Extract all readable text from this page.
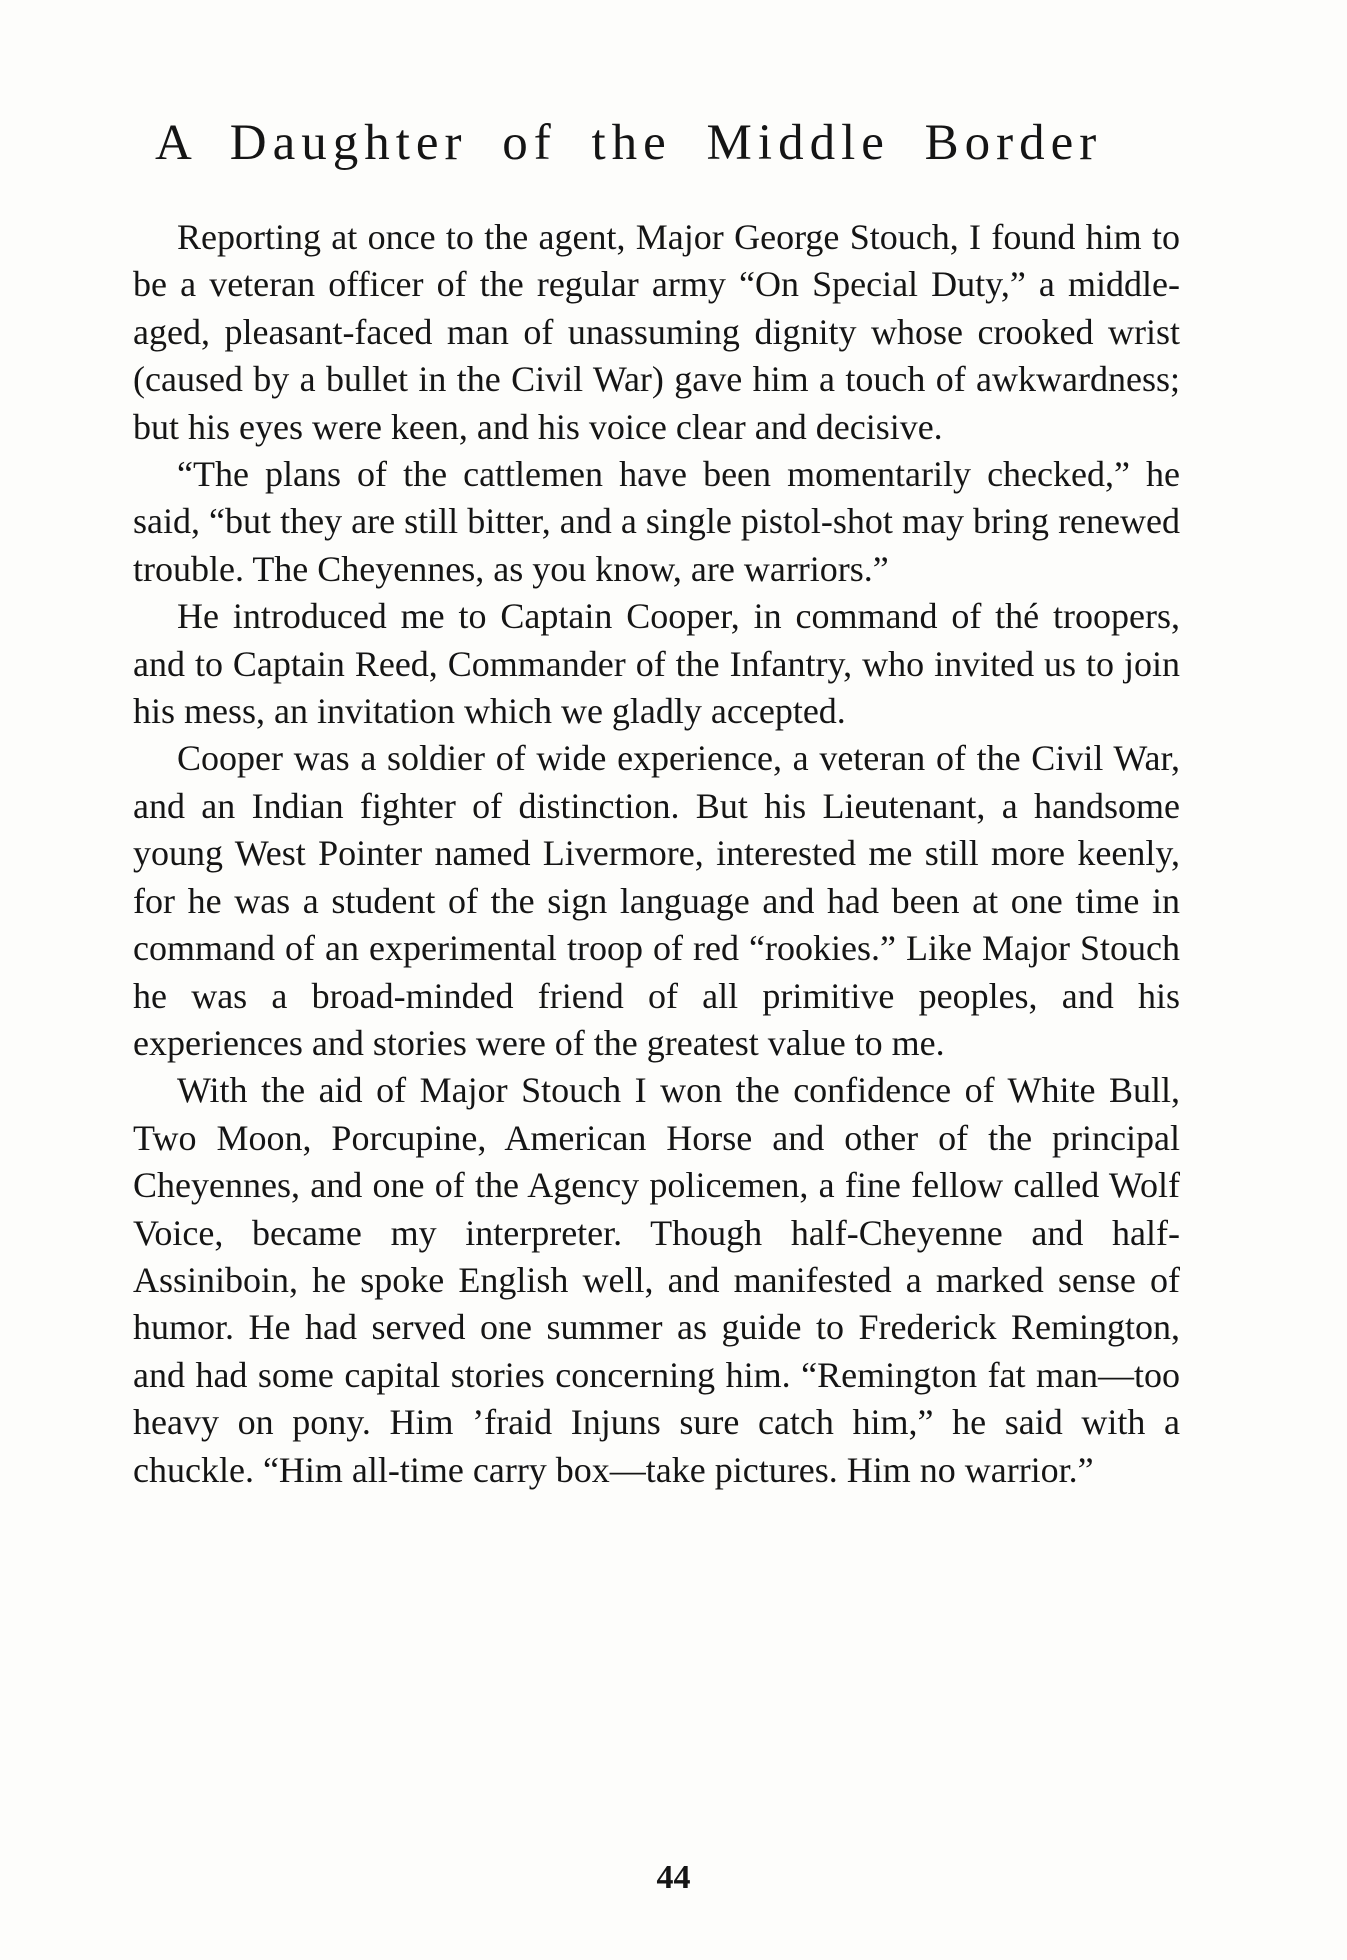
A Daughter of the Middle Border

Reporting at once to the agent, Major George Stouch, I found him to be a veteran officer of the regular army “On Special Duty,” a middle-aged, pleasant-faced man of unassuming dignity whose crooked wrist (caused by a bullet in the Civil War) gave him a touch of awkwardness; but his eyes were keen, and his voice clear and decisive.

“The plans of the cattlemen have been momentarily checked,” he said, “but they are still bitter, and a single pistol-shot may bring renewed trouble. The Cheyennes, as you know, are warriors.”

He introduced me to Captain Cooper, in command of thé troopers, and to Captain Reed, Commander of the Infantry, who invited us to join his mess, an invitation which we gladly accepted.

Cooper was a soldier of wide experience, a veteran of the Civil War, and an Indian fighter of distinction. But his Lieutenant, a handsome young West Pointer named Livermore, interested me still more keenly, for he was a student of the sign language and had been at one time in command of an experimental troop of red “rookies.” Like Major Stouch he was a broad-minded friend of all primitive peoples, and his experiences and stories were of the greatest value to me.

With the aid of Major Stouch I won the confidence of White Bull, Two Moon, Porcupine, American Horse and other of the principal Cheyennes, and one of the Agency policemen, a fine fellow called Wolf Voice, became my interpreter. Though half-Cheyenne and half-Assiniboin, he spoke English well, and manifested a marked sense of humor. He had served one summer as guide to Frederick Remington, and had some capital stories concerning him. “Remington fat man—too heavy on pony. Him ’fraid Injuns sure catch him,” he said with a chuckle. “Him all-time carry box—take pictures. Him no warrior.”

44
